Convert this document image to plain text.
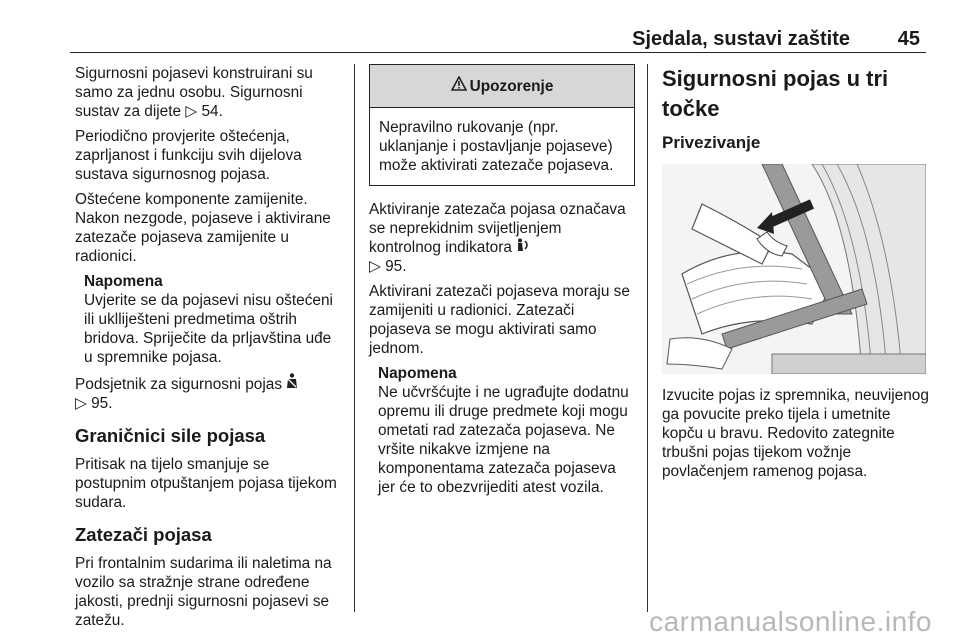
Sjedala, sustavi zaštite 45

Sigurnosni pojasevi konstruirani su samo za jednu osobu. Sigurnosni sustav za dijete ▷ 54.

Periodično provjerite oštećenja, zaprljanost i funkciju svih dijelova sustava sigurnosnog pojasa.

Oštećene komponente zamijenite. Nakon nezgode, pojaseve i aktivirane zatezače pojaseva zamijenite u radionici.

Napomena
Uvjerite se da pojasevi nisu oštećeni ili uklliješteni predmetima oštrih bridova. Spriječite da prljavština uđe u spremnike pojasa.

Podsjetnik za sigurnosni pojas
▷ 95.

Graničnici sile pojasa

Pritisak na tijelo smanjuje se postupnim otpuštanjem pojasa tijekom sudara.

Zatezači pojasa

Pri frontalnim sudarima ili naletima na vozilo sa stražnje strane određene jakosti, prednji sigurnosni pojasevi se zatežu.

Upozorenje
Nepravilno rukovanje (npr. uklanjanje i postavljanje pojaseve) može aktivirati zatezače pojaseva.

Aktiviranje zatezača pojasa označava se neprekidnim svijetljenjem kontrolnog indikatora
▷ 95.

Aktivirani zatezači pojaseva moraju se zamijeniti u radionici. Zatezači pojaseva se mogu aktivirati samo jednom.

Napomena
Ne učvršćujte i ne ugrađujte dodatnu opremu ili druge predmete koji mogu ometati rad zatezača pojaseva. Ne vršite nikakve izmjene na komponentama zatezača pojaseva jer će to obezvrijediti atest vozila.
Sigurnosni pojas u tri točke
Privezivanje

Izvucite pojas iz spremnika, neuvijenog ga povucite preko tijela i umetnite kopču u bravu. Redovito zategnite trbušni pojas tijekom vožnje povlačenjem ramenog pojasa.

carmanualsonline.info
